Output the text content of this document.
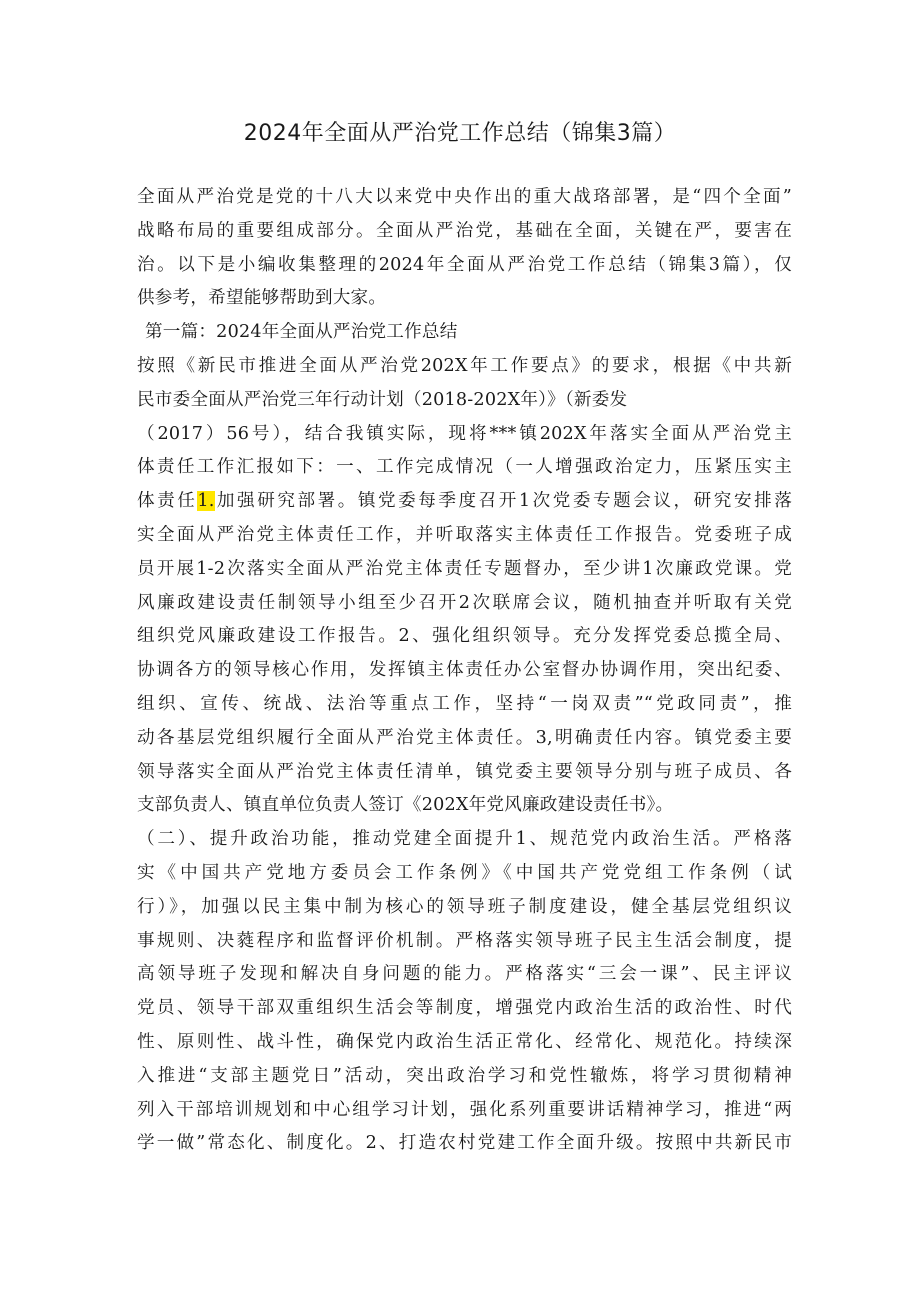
2024年全面从严治党工作总结（锦集3篇）
全面从严治党是党的十八大以来党中央作出的重大战珞部署，是“四个全面”
战略布局的重要组成部分。全面从严治党，基础在全面，关键在严，要害在
治。以下是小编收集整理的2024年全面从严治党工作总结（锦集3篇），仅
供参考，希望能够帮助到大家。
第一篇：2024年全面从严治党工作总结
按照《新民市推进全面从严治党202X年工作要点》的要求，根据《中共新
民市委全面从严治党三年行动计划（2018-202X年）》（新委发
（2017）56号），结合我镇实际，现将***镇202X年落实全面从严治党主
体责任工作汇报如下：一、工作完成情况（一人增强政治定力，压紧压实主
体责任1.加强研究部署。镇党委每季度召开1次党委专题会议，研究安排落
实全面从严治党主体责任工作，并听取落实主体责任工作报告。党委班子成
员开展1-2次落实全面从严治党主体责任专题督办，至少讲1次廉政党课。党
风廉政建设责任制领导小组至少召开2次联席会议，随机抽查并听取有关党
组织党风廉政建设工作报告。2、强化组织领导。充分发挥党委总揽全局、
协调各方的领导核心作用，发挥镇主体责任办公室督办协调作用，突出纪委、
组织、宣传、统战、法治等重点工作，坚持“一岗双责”“党政同责”，推
动各基层党组织履行全面从严治党主体责任。3,明确责任内容。镇党委主要
领导落实全面从严治党主体责任清单，镇党委主要领导分别与班子成员、各
支部负责人、镇直单位负责人签订《202X年党风廉政建设责任书》。
（二）、提升政治功能，推动党建全面提升1、规范党内政治生活。严格落
实《中国共产党地方委员会工作条例》《中国共产党党组工作条例（试
行）》，加强以民主集中制为核心的领导班子制度建设，健全基层党组织议
事规则、决蕤程序和监督评价机制。严格落实领导班子民主生活会制度，提
高领导班子发现和解决自身问题的能力。严格落实“三会一课”、民主评议
党员、领导干部双重组织生活会等制度，增强党内政治生活的政治性、时代
性、原则性、战斗性，确保党内政治生活正常化、经常化、规范化。持续深
入推进“支部主题党日”活动，突出政治学习和党性辙炼，将学习贯彻精神
列入干部培训规划和中心组学习计划，强化系列重要讲话精神学习，推进“两
学一做”常态化、制度化。2、打造农村党建工作全面升级。按照中共新民市
